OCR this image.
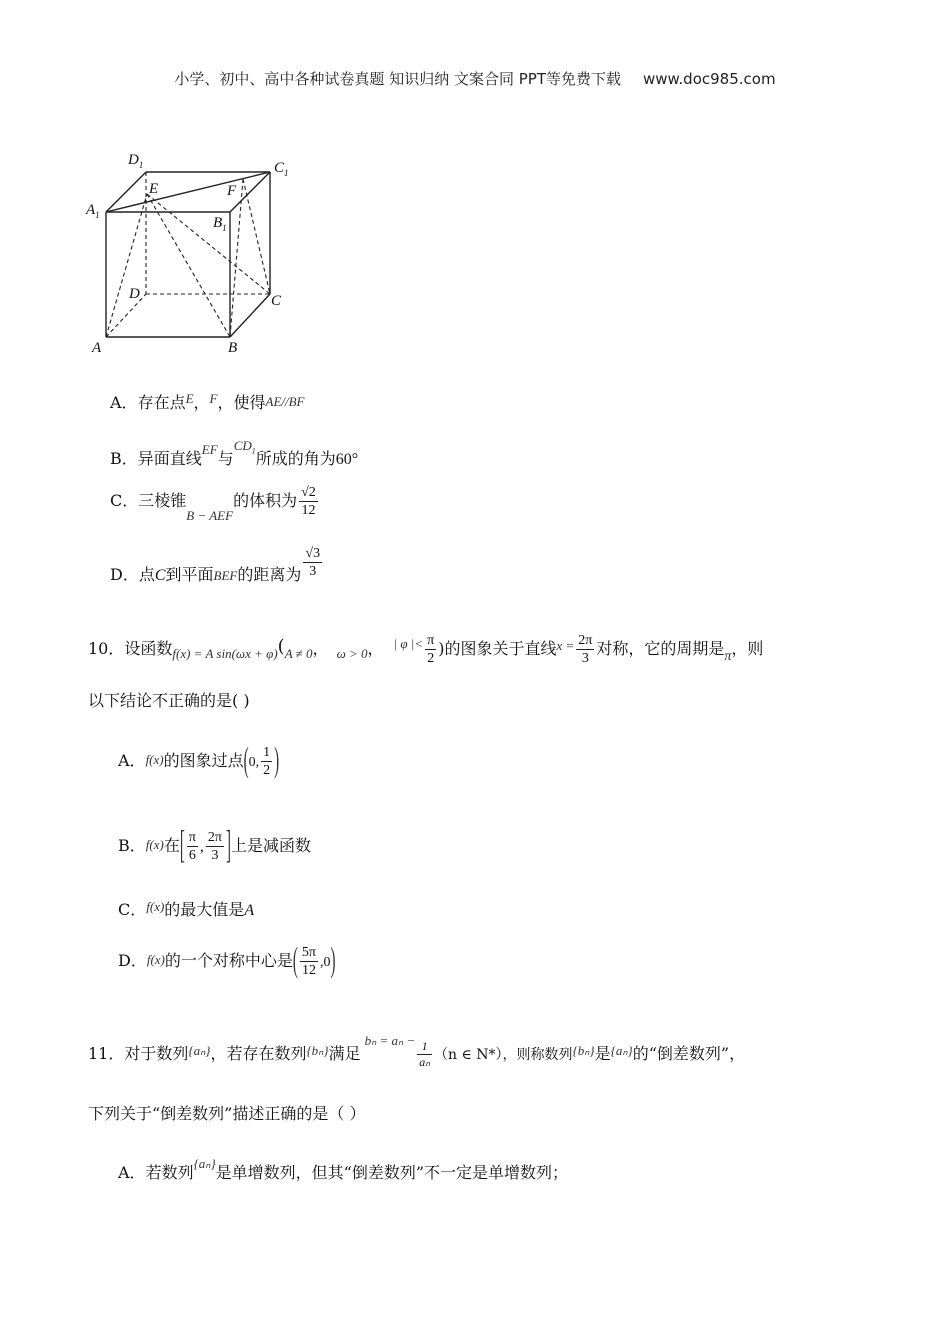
小学、初中、高中各种试卷真题 知识归纳 文案合同 PPT等免费下载 www.doc985.com
$D_1$	$C_1$
$A_1$	$B_1$
E	F
D	C
A	B
A．存在点$^E$，$^F$，使得AE//BF
B．异面直线$^{EF}$与$^{CD_1}$所成的角为60°
C．三棱锥$_{B - AEF}$的体积为 $\frac{√2}{12}$
D．点C到平面BEF的距离为 $\frac{√3}{3}$
10．设函数$_{f(x) = A sin(\omega x + \varphi)}(_{A \ne 0}$， $_{\omega > 0}$， $^{| \varphi |<} \frac{\pi}{2}$ )的图象关于直线$^{x =} \frac{2\pi}{3}$ 对称，它的周期是π，则
以下结论不正确的是( )
A．f(x)的图象过点(0, $\frac{1}{2}$ )
B．f(x)在[ $\frac{\pi}{6}$ , $\frac{2\pi}{3}$ ]上是减函数
C．$^{f(x)}$的最大值是A
D．f(x)的一个对称中心是( $\frac{5\pi}{12} ,0$)
11．对于数列$^{\{a_n\}}$，若存在数列$^{\{b_n\}}$满足$^{b_n = a_n -} \frac{1}{\text{aₙ}} (n$ ∈ N*），则称数列$^{\{b_n\}}$是$^{\{a_n\}}$的“倒差数列”，
下列关于“倒差数列”描述正确的是（ ）
A．若数列$^{\{a_n\}}$是单增数列，但其“倒差数列”不一定是单增数列；
